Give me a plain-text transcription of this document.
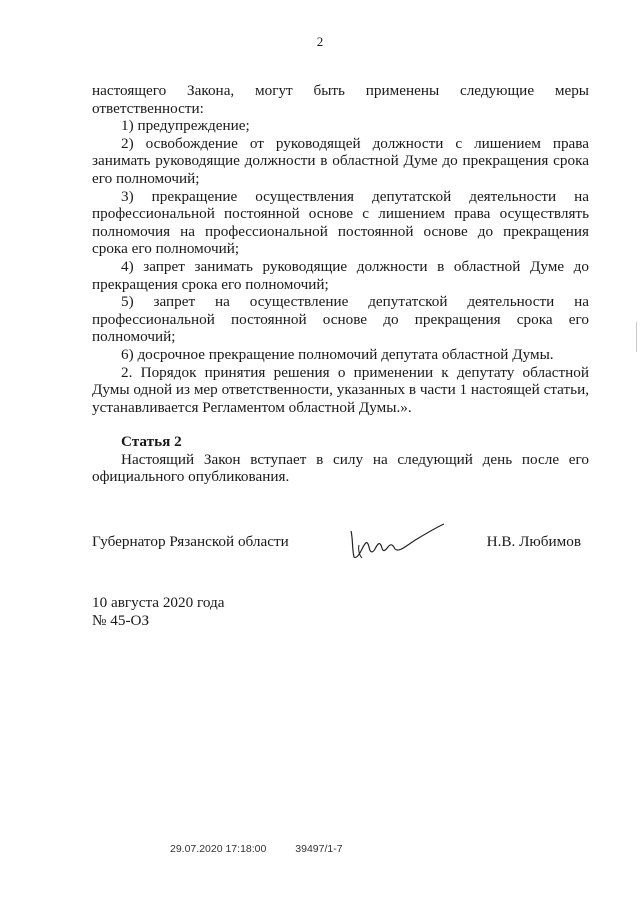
2

настоящего Закона, могут быть применены следующие меры ответственности:

1) предупреждение;

2) освобождение от руководящей должности с лишением права занимать руководящие должности в областной Думе до прекращения срока его полномочий;

3) прекращение осуществления депутатской деятельности на профессиональной постоянной основе с лишением права осуществлять полномочия на профессиональной постоянной основе до прекращения срока его полномочий;

4) запрет занимать руководящие должности в областной Думе до прекращения срока его полномочий;

5) запрет на осуществление депутатской деятельности на профессиональной постоянной основе до прекращения срока его полномочий;

6) досрочное прекращение полномочий депутата областной Думы.

2. Порядок принятия решения о применении к депутату областной Думы одной из мер ответственности, указанных в части 1 настоящей статьи, устанавливается Регламентом областной Думы.».

Статья 2

Настоящий Закон вступает в силу на следующий день после его официального опубликования.

Губернатор Рязанской области	Н.В. Любимов
10 августа 2020 года
№ 45-ОЗ
29.07.2020 17:18:00	39497/1-7
